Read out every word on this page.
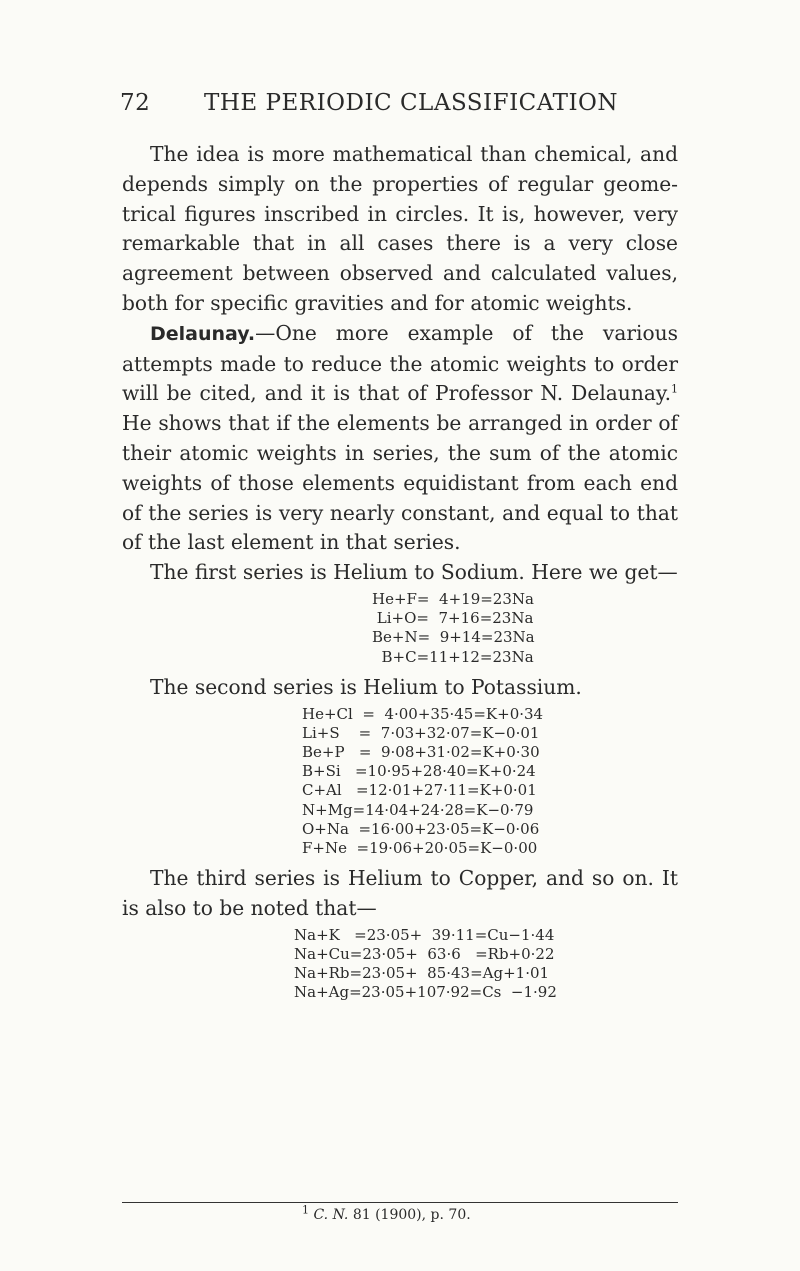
72 THE PERIODIC CLASSIFICATION

The idea is more mathematical than chemical, and depends simply on the properties of regular geome-trical figures inscribed in circles. It is, however, very remarkable that in all cases there is a very close agreement between observed and calculated values, both for specific gravities and for atomic weights.

Delaunay.—One more example of the various attempts made to reduce the atomic weights to order will be cited, and it is that of Professor N. Delaunay.$^1$ He shows that if the elements be arranged in order of their atomic weights in series, the sum of the atomic weights of those elements equidistant from each end of the series is very nearly constant, and equal to that of the last element in that series.

The first series is Helium to Sodium. Here we get—

He+F=  4+19=23Na
Li+O=  7+16=23Na
Be+N=  9+14=23Na
B+C=11+12=23Na

The second series is Helium to Potassium.

He+Cl  =  4·00+35·45=K+0·34
Li+S    =  7·03+32·07=K−0·01
Be+P   =  9·08+31·02=K+0·30
B+Si   =10·95+28·40=K+0·24
C+Al   =12·01+27·11=K+0·01
N+Mg=14·04+24·28=K−0·79
O+Na  =16·00+23·05=K−0·06
F+Ne  =19·06+20·05=K−0·00

The third series is Helium to Copper, and so on. It is also to be noted that—

Na+K   =23·05+  39·11=Cu−1·44
Na+Cu=23·05+  63·6   =Rb+0·22
Na+Rb=23·05+  85·43=Ag+1·01
Na+Ag=23·05+107·92=Cs  −1·92
$^1$ C. N. 81 (1900), p. 70.
